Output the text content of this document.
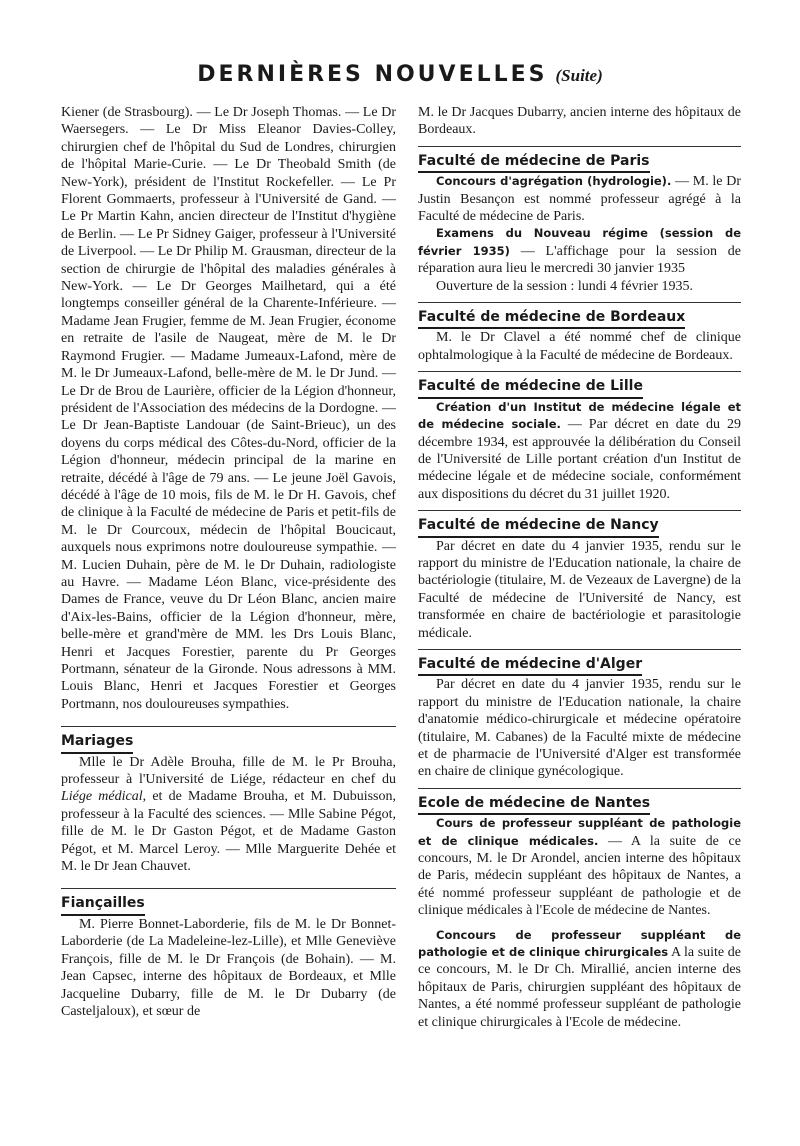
DERNIÈRES NOUVELLES (Suite)

Kiener (de Strasbourg). — Le Dr Joseph Thomas. — Le Dr Waersegers. — Le Dr Miss Eleanor Davies-Colley, chirurgien chef de l'hôpital du Sud de Londres, chirurgien de l'hôpital Marie-Curie. — Le Dr Theobald Smith (de New-York), président de l'Institut Rockefeller. — Le Pr Florent Gommaerts, professeur à l'Université de Gand. — Le Pr Martin Kahn, ancien directeur de l'Institut d'hygiène de Berlin. — Le Pr Sidney Gaiger, professeur à l'Université de Liverpool. — Le Dr Philip M. Grausman, directeur de la section de chirurgie de l'hôpital des maladies générales à New-York. — Le Dr Georges Mailhetard, qui a été longtemps conseiller général de la Charente-Inférieure. — Madame Jean Frugier, femme de M. Jean Frugier, économe en retraite de l'asile de Naugeat, mère de M. le Dr Raymond Frugier. — Madame Jumeaux-Lafond, mère de M. le Dr Jumeaux-Lafond, belle-mère de M. le Dr Jund. — Le Dr de Brou de Laurière, officier de la Légion d'honneur, président de l'Association des médecins de la Dordogne. — Le Dr Jean-Baptiste Landouar (de Saint-Brieuc), un des doyens du corps médical des Côtes-du-Nord, officier de la Légion d'honneur, médecin principal de la marine en retraite, décédé à l'âge de 79 ans. — Le jeune Joël Gavois, décédé à l'âge de 10 mois, fils de M. le Dr H. Gavois, chef de clinique à la Faculté de médecine de Paris et petit-fils de M. le Dr Courcoux, médecin de l'hôpital Boucicaut, auxquels nous exprimons notre douloureuse sympathie. — M. Lucien Duhain, père de M. le Dr Duhain, radiologiste au Havre. — Madame Léon Blanc, vice-présidente des Dames de France, veuve du Dr Léon Blanc, ancien maire d'Aix-les-Bains, officier de la Légion d'honneur, mère, belle-mère et grand'mère de MM. les Drs Louis Blanc, Henri et Jacques Forestier, parente du Pr Georges Portmann, sénateur de la Gironde. Nous adressons à MM. Louis Blanc, Henri et Jacques Forestier et Georges Portmann, nos douloureuses sympathies.

Mariages

Mlle le Dr Adèle Brouha, fille de M. le Pr Brouha, professeur à l'Université de Liége, rédacteur en chef du Liége médical, et de Madame Brouha, et M. Dubuisson, professeur à la Faculté des sciences. — Mlle Sabine Pégot, fille de M. le Dr Gaston Pégot, et de Madame Gaston Pégot, et M. Marcel Leroy. — Mlle Marguerite Dehée et M. le Dr Jean Chauvet.

Fiançailles

M. Pierre Bonnet-Laborderie, fils de M. le Dr Bonnet-Laborderie (de La Madeleine-lez-Lille), et Mlle Geneviève François, fille de M. le Dr François (de Bohain). — M. Jean Capsec, interne des hôpitaux de Bordeaux, et Mlle Jacqueline Dubarry, fille de M. le Dr Dubarry (de Casteljaloux), et sœur de

M. le Dr Jacques Dubarry, ancien interne des hôpitaux de Bordeaux.

Faculté de médecine de Paris

Concours d'agrégation (hydrologie). — M. le Dr Justin Besançon est nommé professeur agrégé à la Faculté de médecine de Paris.

Examens du Nouveau régime (session de février 1935) — L'affichage pour la session de réparation aura lieu le mercredi 30 janvier 1935

Ouverture de la session : lundi 4 février 1935.

Faculté de médecine de Bordeaux

M. le Dr Clavel a été nommé chef de clinique ophtalmologique à la Faculté de médecine de Bordeaux.

Faculté de médecine de Lille

Création d'un Institut de médecine légale et de médecine sociale. — Par décret en date du 29 décembre 1934, est approuvée la délibération du Conseil de l'Université de Lille portant création d'un Institut de médecine légale et de médecine sociale, conformément aux dispositions du décret du 31 juillet 1920.

Faculté de médecine de Nancy

Par décret en date du 4 janvier 1935, rendu sur le rapport du ministre de l'Education nationale, la chaire de bactériologie (titulaire, M. de Vezeaux de Lavergne) de la Faculté de médecine de l'Université de Nancy, est transformée en chaire de bactériologie et parasitologie médicale.

Faculté de médecine d'Alger

Par décret en date du 4 janvier 1935, rendu sur le rapport du ministre de l'Education nationale, la chaire d'anatomie médico-chirurgicale et médecine opératoire (titulaire, M. Cabanes) de la Faculté mixte de médecine et de pharmacie de l'Université d'Alger est transformée en chaire de clinique gynécologique.

Ecole de médecine de Nantes

Cours de professeur suppléant de pathologie et de clinique médicales. — A la suite de ce concours, M. le Dr Arondel, ancien interne des hôpitaux de Paris, médecin suppléant des hôpitaux de Nantes, a été nommé professeur suppléant de pathologie et de clinique médicales à l'Ecole de médecine de Nantes.

Concours de professeur suppléant de pathologie et de clinique chirurgicales A la suite de ce concours, M. le Dr Ch. Mirallié, ancien interne des hôpitaux de Paris, chirurgien suppléant des hôpitaux de Nantes, a été nommé professeur suppléant de pathologie et clinique chirurgicales à l'Ecole de médecine.
